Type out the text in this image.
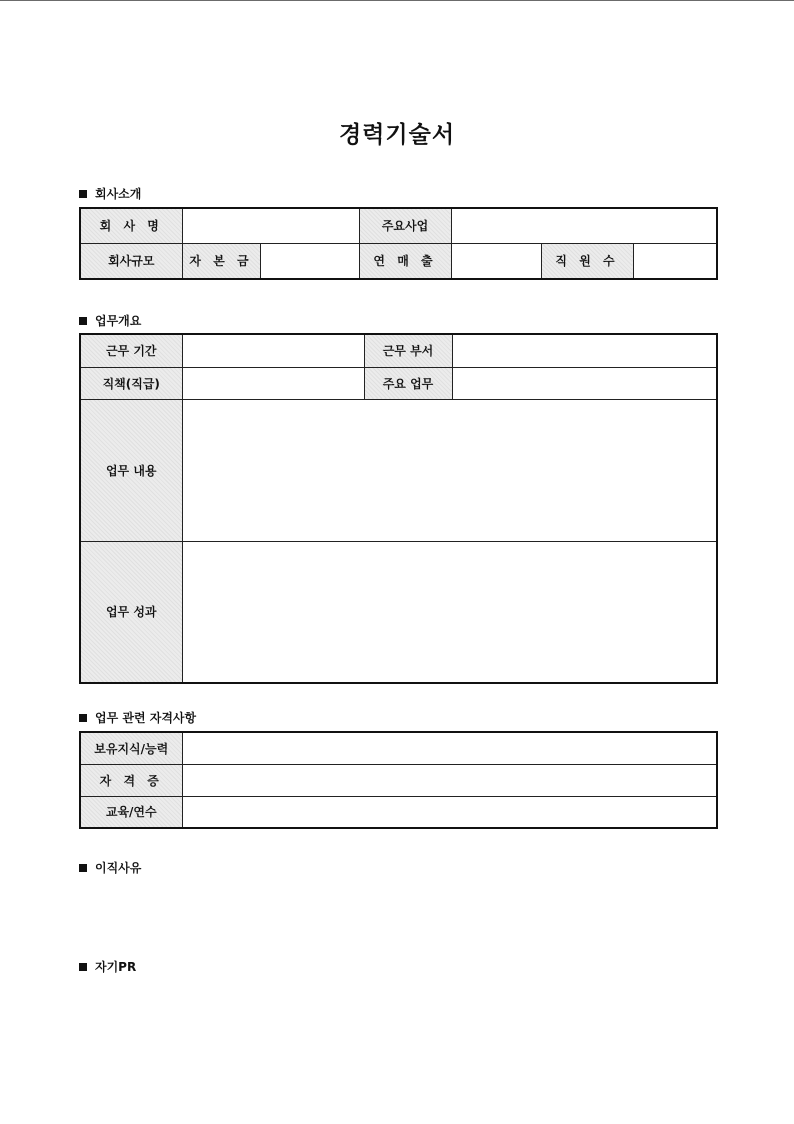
경력기술서
회사소개
회 사 명			주요사업			
회사규모	자 본 금		연 매 출		직 원 수	
업무개요
근무 기간		근무 부서	
직책(직급)		주요 업무	
업무 내용			
업무 성과			
업무 관련 자격사항
보유지식/능력	
자 격 증	
교육/연수	
이직사유
자기PR
